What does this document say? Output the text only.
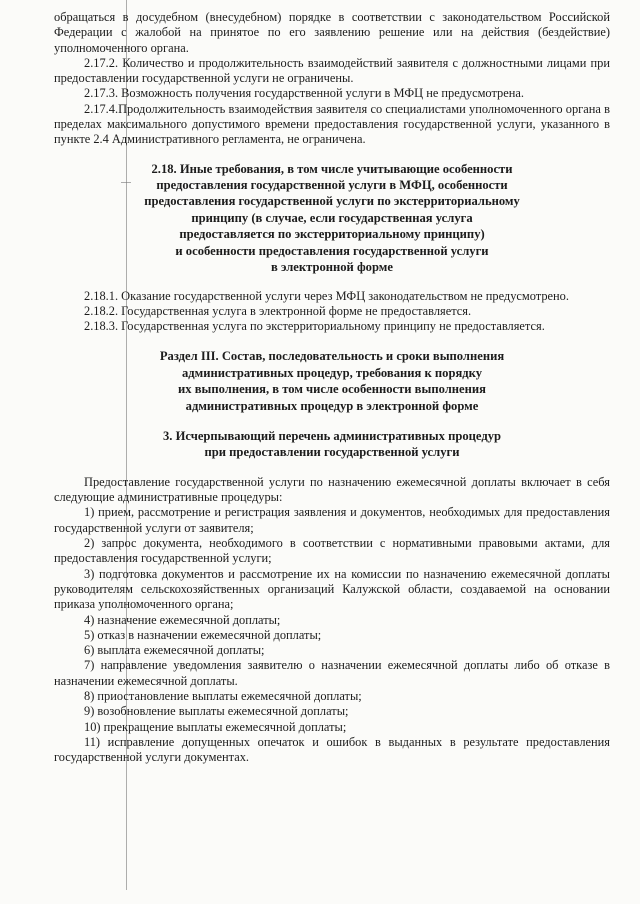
обращаться в досудебном (внесудебном) порядке в соответствии с законодательством Российской Федерации с жалобой на принятое по его заявлению решение или на действия (бездействие) уполномоченного органа.

2.17.2. Количество и продолжительность взаимодействий заявителя с должностными лицами при предоставлении государственной услуги не ограничены.

2.17.3. Возможность получения государственной услуги в МФЦ не предусмотрена.

2.17.4.Продолжительность взаимодействия заявителя со специалистами уполномоченного органа в пределах максимального допустимого времени предоставления государственной услуги, указанного в пункте 2.4 Административного регламента, не ограничена.

2.18. Иные требования, в том числе учитывающие особенности
предоставления государственной услуги в МФЦ, особенности
предоставления государственной услуги по экстерриториальному
принципу (в случае, если государственная услуга
предоставляется по экстерриториальному принципу)
и особенности предоставления государственной услуги
в электронной форме

2.18.1. Оказание государственной услуги через МФЦ законодательством не предусмотрено.

2.18.2. Государственная услуга в электронной форме не предоставляется.

2.18.3. Государственная услуга по экстерриториальному принципу не предоставляется.

Раздел III. Состав, последовательность и сроки выполнения
административных процедур, требования к порядку
их выполнения, в том числе особенности выполнения
административных процедур в электронной форме
3. Исчерпывающий перечень административных процедур
при предоставлении государственной услуги

Предоставление государственной услуги по назначению ежемесячной доплаты включает в себя следующие административные процедуры:

1) прием, рассмотрение и регистрация заявления и документов, необходимых для предоставления государственной услуги от заявителя;

2) запрос документа, необходимого в соответствии с нормативными правовыми актами, для предоставления государственной услуги;

3) подготовка документов и рассмотрение их на комиссии по назначению ежемесячной доплаты руководителям сельскохозяйственных организаций Калужской области, создаваемой на основании приказа уполномоченного органа;

4) назначение ежемесячной доплаты;

5) отказ в назначении ежемесячной доплаты;

6) выплата ежемесячной доплаты;

7) направление уведомления заявителю о назначении ежемесячной доплаты либо об отказе в назначении ежемесячной доплаты.

8) приостановление выплаты ежемесячной доплаты;

9) возобновление выплаты ежемесячной доплаты;

10) прекращение выплаты ежемесячной доплаты;

11) исправление допущенных опечаток и ошибок в выданных в результате предоставления государственной услуги документах.
